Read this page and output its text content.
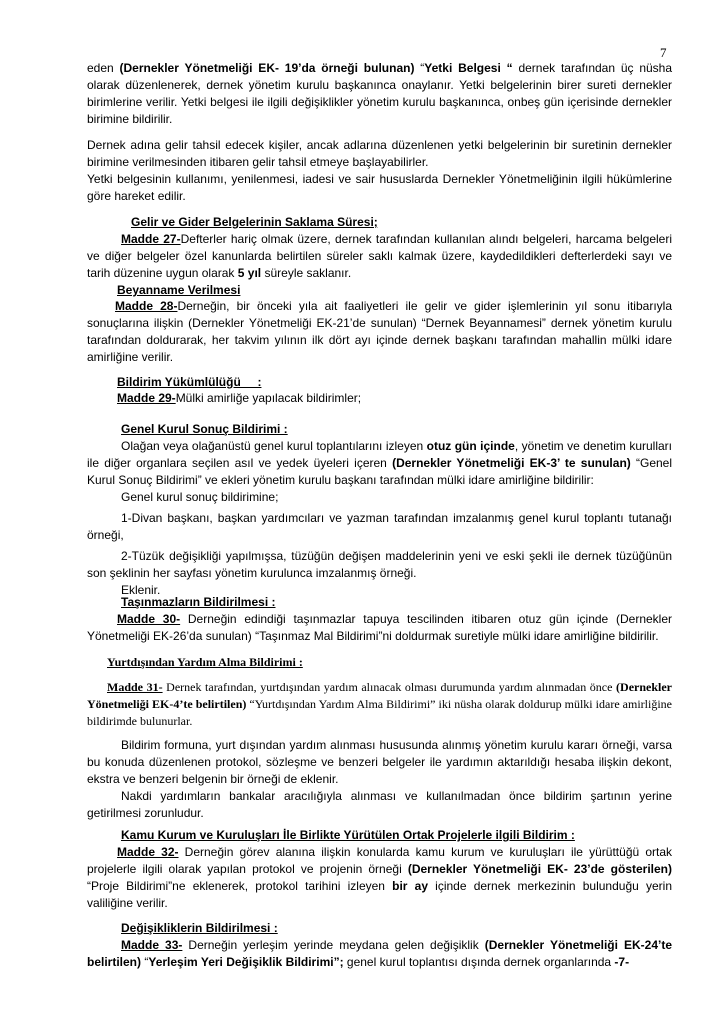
7

eden (Dernekler Yönetmeliği EK- 19’da örneği bulunan) “Yetki Belgesi “ dernek tarafından üç nüsha olarak düzenlenerek, dernek yönetim kurulu başkanınca onaylanır. Yetki belgelerinin birer sureti dernekler birimlerine verilir. Yetki belgesi ile ilgili değişiklikler yönetim kurulu başkanınca, onbeş gün içerisinde dernekler birimine bildirilir.

Dernek adına gelir tahsil edecek kişiler, ancak adlarına düzenlenen yetki belgelerinin bir suretinin dernekler birimine verilmesinden itibaren gelir tahsil etmeye başlayabilirler.

Yetki belgesinin kullanımı, yenilenmesi, iadesi ve sair hususlarda Dernekler Yönetmeliğinin ilgili hükümlerine göre hareket edilir.

Gelir ve Gider Belgelerinin Saklama Süresi;

Madde 27-Defterler hariç olmak üzere, dernek tarafından kullanılan alındı belgeleri, harcama belgeleri ve diğer belgeler özel kanunlarda belirtilen süreler saklı kalmak üzere, kaydedildikleri defterlerdeki sayı ve tarih düzenine uygun olarak 5 yıl süreyle saklanır.

Beyanname Verilmesi

Madde 28-Derneğin, bir önceki yıla ait faaliyetleri ile gelir ve gider işlemlerinin yıl sonu itibarıyla sonuçlarına ilişkin (Dernekler Yönetmeliği EK-21’de sunulan) “Dernek Beyannamesi” dernek yönetim kurulu tarafından doldurarak, her takvim yılının ilk dört ayı içinde dernek başkanı tarafından mahallin mülki idare amirliğine verilir.

Bildirim Yükümlülüğü     :

Madde 29-Mülki amirliğe yapılacak bildirimler;

Genel Kurul Sonuç Bildirimi :

Olağan veya olağanüstü genel kurul toplantılarını izleyen otuz gün içinde, yönetim ve denetim kurulları ile diğer organlara seçilen asıl ve yedek üyeleri içeren (Dernekler Yönetmeliği EK-3’ te sunulan) “Genel Kurul Sonuç Bildirimi” ve ekleri yönetim kurulu başkanı tarafından mülki idare amirliğine bildirilir:

Genel kurul sonuç bildirimine;

1-Divan başkanı, başkan yardımcıları ve yazman tarafından imzalanmış genel kurul toplantı tutanağı örneği,

2-Tüzük değişikliği yapılmışsa, tüzüğün değişen maddelerinin yeni ve eski şekli ile dernek tüzüğünün son şeklinin her sayfası yönetim kurulunca imzalanmış örneği.

Eklenir.

Taşınmazların Bildirilmesi :

Madde 30- Derneğin edindiği taşınmazlar tapuya tescilinden itibaren otuz gün içinde (Dernekler Yönetmeliği EK-26’da sunulan) “Taşınmaz Mal Bildirimi”ni doldurmak suretiyle mülki idare amirliğine bildirilir.

Yurtdışından Yardım Alma Bildirimi :

Madde 31- Dernek tarafından, yurtdışından yardım alınacak olması durumunda yardım alınmadan önce (Dernekler Yönetmeliği EK-4’te belirtilen) “Yurtdışından Yardım Alma Bildirimi” iki nüsha olarak doldurup mülki idare amirliğine bildirimde bulunurlar.

Bildirim formuna, yurt dışından yardım alınması hususunda alınmış yönetim kurulu kararı örneği, varsa bu konuda düzenlenen protokol, sözleşme ve benzeri belgeler ile yardımın aktarıldığı hesaba ilişkin dekont, ekstra ve benzeri belgenin bir örneği de eklenir.

Nakdi yardımların bankalar aracılığıyla alınması ve kullanılmadan önce bildirim şartının yerine getirilmesi zorunludur.

Kamu Kurum ve Kuruluşları İle Birlikte Yürütülen Ortak Projelerle ilgili Bildirim :

Madde 32- Derneğin görev alanına ilişkin konularda kamu kurum ve kuruluşları ile yürüttüğü ortak projelerle ilgili olarak yapılan protokol ve projenin örneği (Dernekler Yönetmeliği EK- 23’de gösterilen) “Proje Bildirimi”ne eklenerek, protokol tarihini izleyen bir ay içinde dernek merkezinin bulunduğu yerin valiliğine verilir.

Değişikliklerin Bildirilmesi :

Madde 33- Derneğin yerleşim yerinde meydana gelen değişiklik (Dernekler Yönetmeliği EK-24’te belirtilen) “Yerleşim Yeri Değişiklik Bildirimi”; genel kurul toplantısı dışında dernek organlarında -7-
